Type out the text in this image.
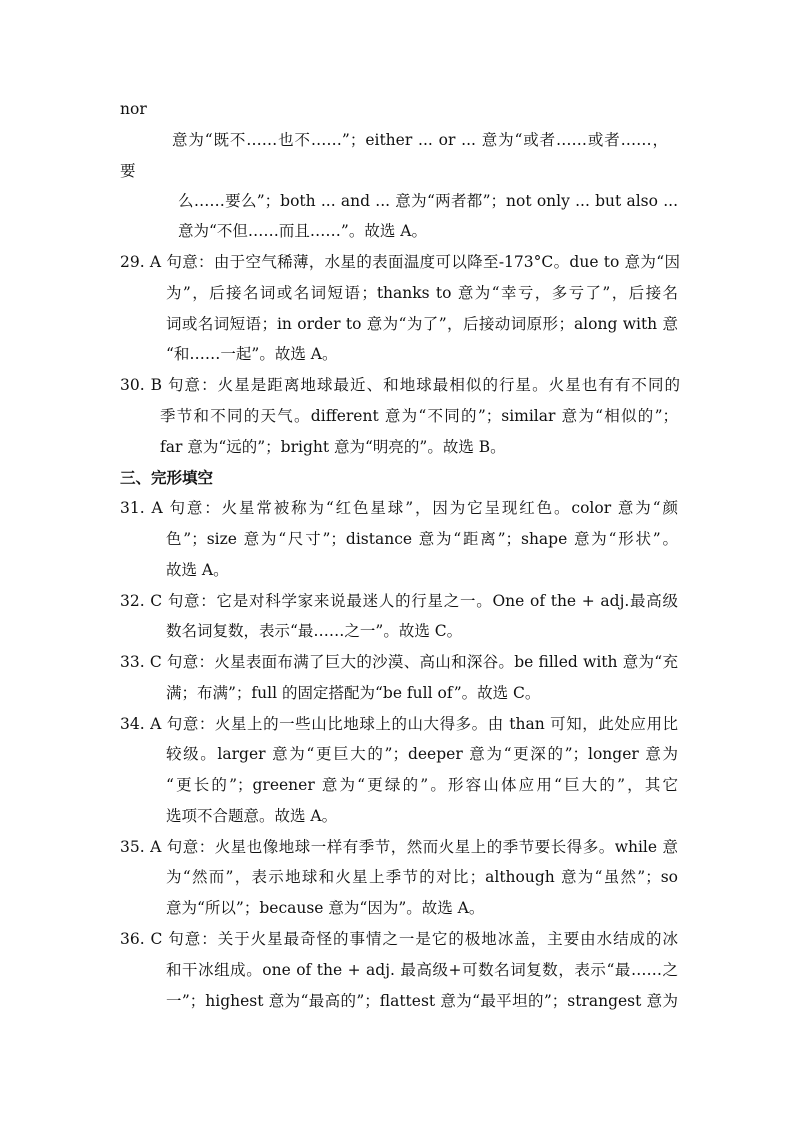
nor
意为“既不……也不……”；either ... or ... 意为“或者……或者……，
要
么……要么”；both ... and ... 意为“两者都”；not only ... but also ...
意为“不但……而且……”。故选 A。
29. A 句意：由于空气稀薄，水星的表面温度可以降至-173°C。due to 意为“因
为”，后接名词或名词短语；thanks to 意为“幸亏，多亏了”，后接名
词或名词短语；in order to 意为“为了”，后接动词原形；along with 意
“和……一起”。故选 A。
30. B 句意：火星是距离地球最近、和地球最相似的行星。火星也有有不同的
季节和不同的天气。different 意为“不同的”；similar 意为“相似的”；
far 意为“远的”；bright 意为“明亮的”。故选 B。
三、完形填空
31. A 句意：火星常被称为“红色星球”，因为它呈现红色。color 意为“颜
色”；size 意为“尺寸”；distance 意为“距离”；shape 意为“形状”。
故选 A。
32. C 句意：它是对科学家来说最迷人的行星之一。One of the + adj.最高级
数名词复数，表示“最……之一”。故选 C。
33. C 句意：火星表面布满了巨大的沙漠、高山和深谷。be filled with 意为“充
满；布满”；full 的固定搭配为“be full of”。故选 C。
34. A 句意：火星上的一些山比地球上的山大得多。由 than 可知，此处应用比
较级。larger 意为“更巨大的”；deeper 意为“更深的”；longer 意为
“更长的”；greener 意为“更绿的”。形容山体应用“巨大的”，其它
选项不合题意。故选 A。
35. A 句意：火星也像地球一样有季节，然而火星上的季节要长得多。while 意
为“然而”，表示地球和火星上季节的对比；although 意为“虽然”；so
意为“所以”；because 意为“因为”。故选 A。
36. C 句意：关于火星最奇怪的事情之一是它的极地冰盖，主要由水结成的冰
和干冰组成。one of the + adj. 最高级+可数名词复数，表示“最……之
一”；highest 意为“最高的”；flattest 意为“最平坦的”；strangest 意为
